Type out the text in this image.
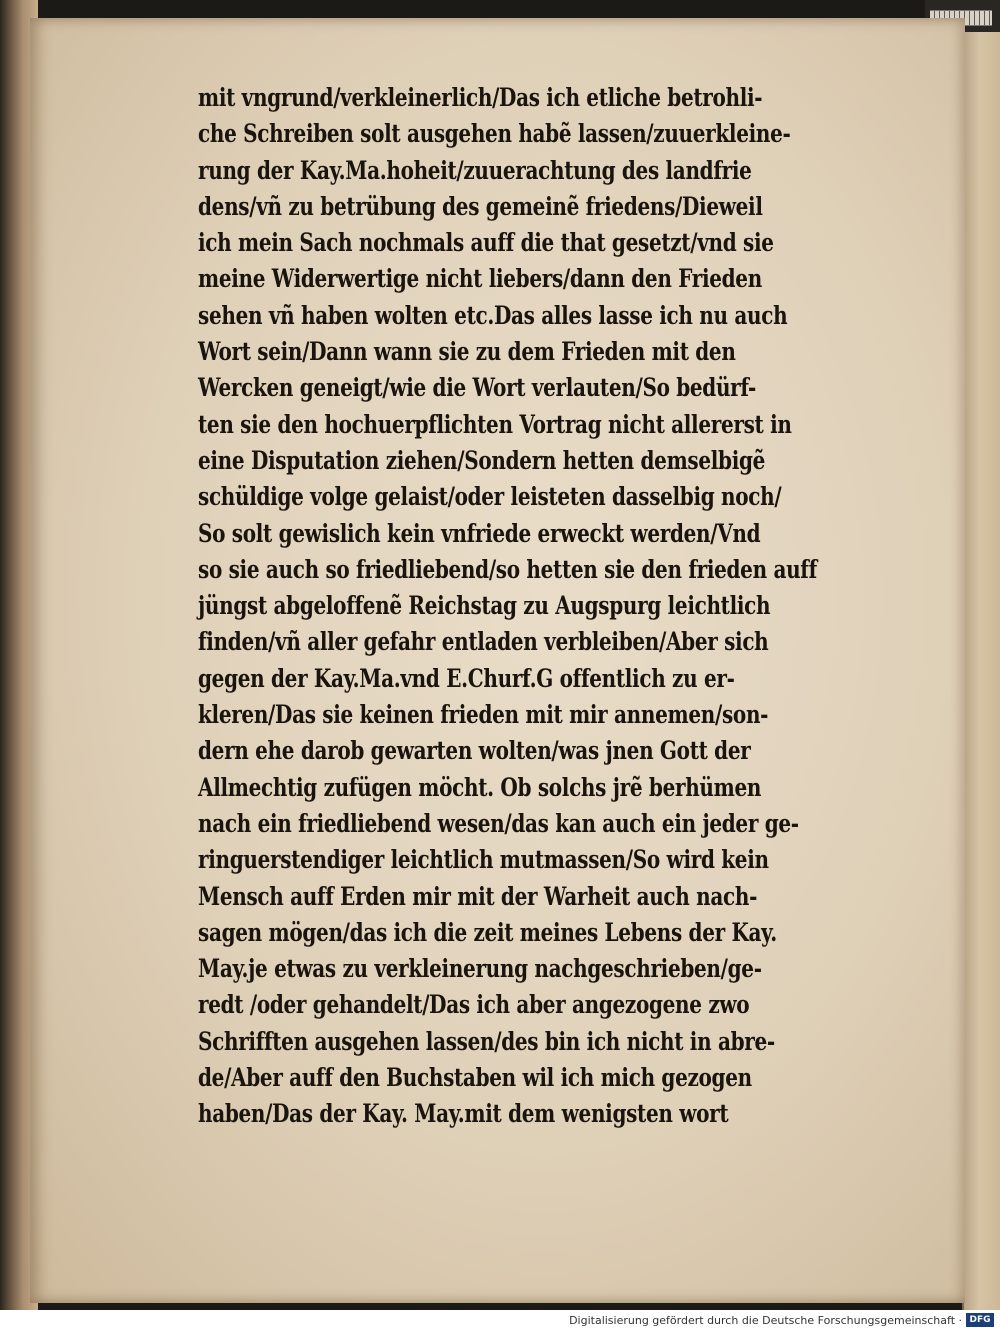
mit vngrund/verkleinerlich/Das ich etliche betrohli-
che Schreiben solt ausgehen habẽ lassen/zuuerkleine-
rung der Kay.Ma.hoheit/zuuerachtung des landfrie
dens/vñ zu betrübung des gemeinẽ friedens/Dieweil
ich mein Sach nochmals auff die that gesetzt/vnd sie
meine Widerwertige nicht liebers/dann den Frieden
sehen vñ haben wolten etc.Das alles lasse ich nu auch
Wort sein/Dann wann sie zu dem Frieden mit den
Wercken geneigt/wie die Wort verlauten/So bedürf-
ten sie den hochuerpflichten Vortrag nicht allererst in
eine Disputation ziehen/Sondern hetten demselbigẽ
schüldige volge gelaist/oder leisteten dasselbig noch/
So solt gewislich kein vnfriede erweckt werden/Vnd
so sie auch so friedliebend/so hetten sie den frieden auff
jüngst abgeloffenẽ Reichstag zu Augspurg leichtlich
finden/vñ aller gefahr entladen verbleiben/Aber sich
gegen der Kay.Ma.vnd E.Churf.G offentlich zu er-
kleren/Das sie keinen frieden mit mir annemen/son-
dern ehe darob gewarten wolten/was jnen Gott der
Allmechtig zufügen möcht. Ob solchs jrẽ berhümen
nach ein friedliebend wesen/das kan auch ein jeder ge-
ringuerstendiger leichtlich mutmassen/So wird kein
Mensch auff Erden mir mit der Warheit auch nach-
sagen mögen/das ich die zeit meines Lebens der Kay.
May.je etwas zu verkleinerung nachgeschrieben/ge-
redt /oder gehandelt/Das ich aber angezogene zwo
Schrifften ausgehen lassen/des bin ich nicht in abre-
de/Aber auff den Buchstaben wil ich mich gezogen
haben/Das der Kay. May.mit dem wenigsten wort
Digitalisierung gefördert durch die Deutsche Forschungsgemeinschaft · DFG
